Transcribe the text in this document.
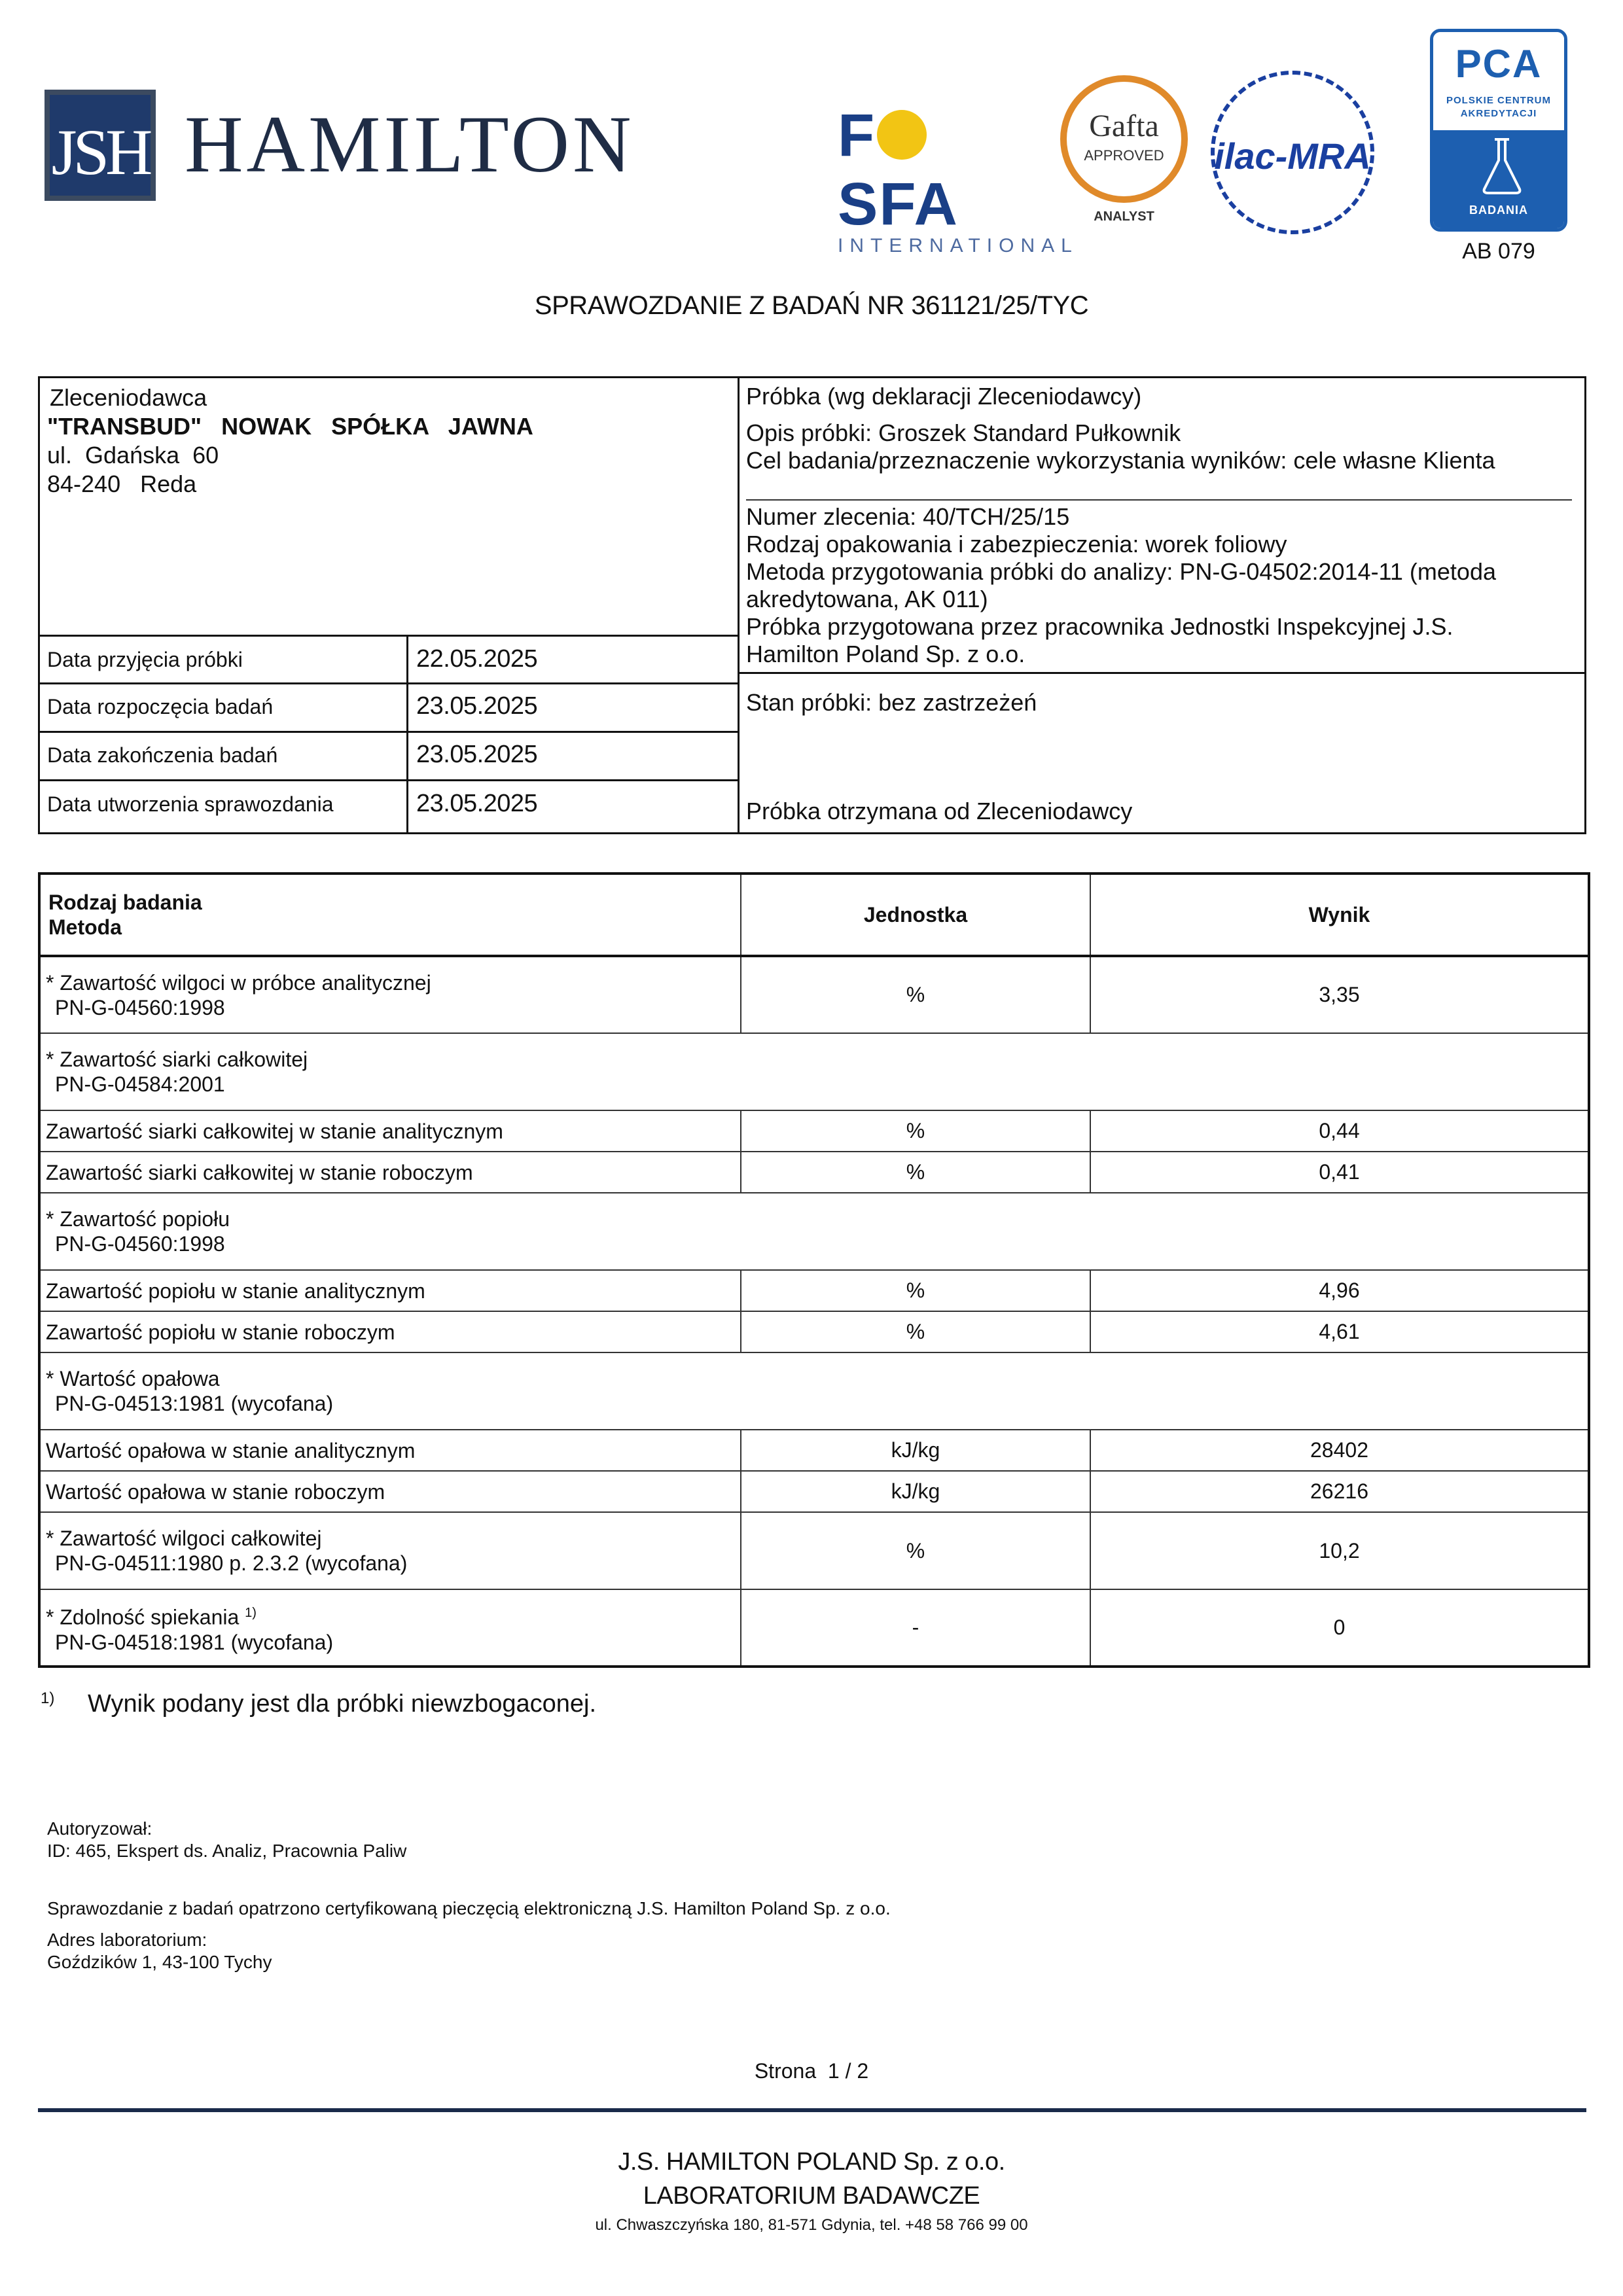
JSH HAMILTON	FSFA
INTERNATIONAL
Gafta
APPROVED
ANALYST
ilac-MRA
PCA
POLSKIE CENTRUM
AKREDYTACJI
BADANIA
AB 079
SPRAWOZDANIE Z BADAŃ NR 361121/25/TYC
Zleceniodawca
"TRANSBUD"   NOWAK   SPÓŁKA   JAWNA
ul.  Gdańska  60
84-240   Reda
Data przyjęcia próbki	22.05.2025
Data rozpoczęcia badań	23.05.2025
Data zakończenia badań	23.05.2025
Data utworzenia sprawozdania	23.05.2025
Próbka (wg deklaracji Zleceniodawcy)
Opis próbki: Groszek Standard Pułkownik
Cel badania/przeznaczenie wykorzystania wyników: cele własne Klienta
Numer zlecenia: 40/TCH/25/15
Rodzaj opakowania i zabezpieczenia: worek foliowy
Metoda przygotowania próbki do analizy: PN-G-04502:2014-11 (metoda
akredytowana, AK 011)
Próbka przygotowana przez pracownika Jednostki Inspekcyjnej J.S.
Hamilton Poland Sp. z o.o.
Stan próbki: bez zastrzeżeń
Próbka otrzymana od Zleceniodawcy
Rodzaj badania
Metoda	Jednostka	Wynik

* Zawartość wilgoci w próbce analitycznej
PN-G-04560:1998	%	3,35

* Zawartość siarki całkowitej
PN-G-04584:2001		

Zawartość siarki całkowitej w stanie analitycznym	%	0,44
Zawartość siarki całkowitej w stanie roboczym	%	0,41

* Zawartość popiołu
PN-G-04560:1998		

Zawartość popiołu w stanie analitycznym	%	4,96
Zawartość popiołu w stanie roboczym	%	4,61

* Wartość opałowa
PN-G-04513:1981 (wycofana)		

Wartość opałowa w stanie analitycznym	kJ/kg	28402
Wartość opałowa w stanie roboczym	kJ/kg	26216

* Zawartość wilgoci całkowitej
PN-G-04511:1980 p. 2.3.2 (wycofana)	%	10,2

* Zdolność spiekania $^{1)}$
PN-G-04518:1981 (wycofana)	-	0
1) Wynik podany jest dla próbki niewzbogaconej.
Autoryzował:
ID: 465, Ekspert ds. Analiz, Pracownia Paliw
Sprawozdanie z badań opatrzono certyfikowaną pieczęcią elektroniczną J.S. Hamilton Poland Sp. z o.o.
Adres laboratorium:
Goździków 1, 43-100 Tychy
Strona  1 / 2
J.S. HAMILTON POLAND Sp. z o.o.
LABORATORIUM BADAWCZE
ul. Chwaszczyńska 180, 81-571 Gdynia, tel. +48 58 766 99 00
